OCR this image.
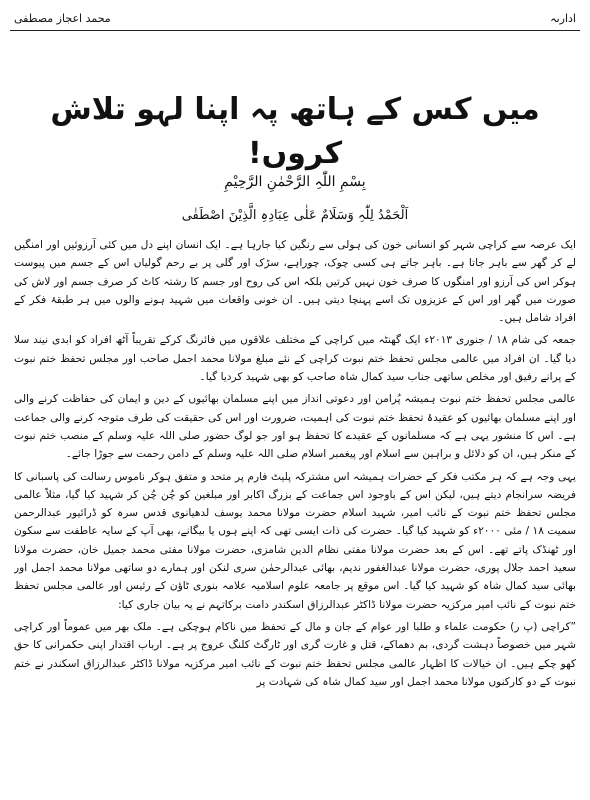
ادارىہ
محمد اعجاز مصطفی
میں کس کے ہاتھ پہ اپنا لہو تلاش کروں!
بِسْمِ اللّٰہِ الرَّحْمٰنِ الرَّحِیْمِ
اَلْحَمْدُ لِلّٰہِ وَسَلَامٌ عَلٰی عِبَادِہِ الَّذِیْنَ اصْطَفٰی

ایک عرصہ سے کراچی شہر کو انسانی خون کی ہولی سے رنگین کیا جارہا ہے۔ ایک انسان اپنے دل میں کئی آرزوئیں اور امنگیں لے کر گھر سے باہر جاتا ہے۔ باہر جاتے ہی کسی چوک، چوراہے، سڑک اور گلی پر بے رحم گولیاں اس کے جسم میں پیوست ہوکر اس کی آرزو اور امنگوں کا صرف خون نہیں کرتیں بلکہ اس کی روح اور جسم کا رشتہ کاٹ کر صرف جسم اور لاش کی صورت میں گھر اور اس کے عزیزوں تک اسے پہنچا دیتی ہیں۔ ان خونی واقعات میں شہید ہونے والوں میں ہر طبقۂ فکر کے افراد شامل ہیں۔

جمعہ کی شام ۱۸ / جنوری ۲۰۱۳ء ایک گھنٹہ میں کراچی کے مختلف علاقوں میں فائرنگ کرکے تقریباً آٹھ افراد کو ابدی نیند سلا دیا گیا۔ ان افراد میں عالمی مجلس تحفظ ختم نبوت کراچی کے نئے مبلغ مولانا محمد اجمل صاحب اور مجلس تحفظ ختم نبوت کے پرانے رفیق اور مخلص ساتھی جناب سید کمال شاہ صاحب کو بھی شہید کردیا گیا۔

عالمی مجلس تحفظ ختم نبوت ہمیشہ پُرامن اور دعوتی انداز میں اپنے مسلمان بھائیوں کے دین و ایمان کی حفاظت کرنے والی اور اپنے مسلمان بھائیوں کو عقیدۂ تحفظ ختم نبوت کی اہمیت، ضرورت اور اس کی حقیقت کی طرف متوجہ کرنے والی جماعت ہے۔ اس کا منشور یہی ہے کہ مسلمانوں کے عقیدے کا تحفظ ہو اور جو لوگ حضور صلی اللہ علیہ وسلم کے منصب ختم نبوت کے منکر ہیں، ان کو دلائل و براہین سے اسلام اور پیغمبر اسلام صلی اللہ علیہ وسلم کے دامن رحمت سے جوڑا جائے۔

یہی وجہ ہے کہ ہر مکتب فکر کے حضرات ہمیشہ اس مشترکہ پلیٹ فارم پر متحد و متفق ہوکر ناموس رسالت کی پاسبانی کا فریضہ سرانجام دیتے ہیں، لیکن اس کے باوجود اس جماعت کے بزرگ اکابر اور مبلغین کو چُن چُن کر شہید کیا گیا، مثلاً عالمی مجلس تحفظ ختم نبوت کے نائب امیر، شہید اسلام حضرت مولانا محمد یوسف لدھیانوی قدس سرہ کو ڈرائیور عبدالرحمن سمیت ۱۸ / مئی ۲۰۰۰ء کو شہید کیا گیا۔ حضرت کی ذات ایسی تھی کہ اپنے ہوں یا بیگانے، بھی آپ کے سایہ عاطفت سے سکون اور ٹھنڈک پاتے تھے۔ اس کے بعد حضرت مولانا مفتی نظام الدین شامزی، حضرت مولانا مفتی محمد جمیل خان، حضرت مولانا سعید احمد جلال پوری، حضرت مولانا عبدالغفور ندیم، بھائی عبدالرحمٰن سری لنکن اور ہمارے دو ساتھی مولانا محمد اجمل اور بھائی سید کمال شاہ کو شہید کیا گیا۔ اس موقع پر جامعہ علوم اسلامیہ علامہ بنوری ٹاؤن کے رئیس اور عالمی مجلس تحفظ ختم نبوت کے نائب امیر مرکزیہ حضرت مولانا ڈاکٹر عبدالرزاق اسکندر دامت برکاتہم نے یہ بیان جاری کیا:

”کراچی (پ ر) حکومت علماء و طلبا اور عوام کے جان و مال کے تحفظ میں ناکام ہوچکی ہے۔ ملک بھر میں عموماً اور کراچی شہر میں خصوصاً دہشت گردی، بم دھماکے، قتل و غارت گری اور ٹارگٹ کلنگ عروج پر ہے۔ ارباب اقتدار اپنی حکمرانی کا حق کھو چکے ہیں۔ ان خیالات کا اظہار عالمی مجلس تحفظ ختم نبوت کے نائب امیر مرکزیہ مولانا ڈاکٹر عبدالرزاق اسکندر نے ختم نبوت کے دو کارکنوں مولانا محمد اجمل اور سید کمال شاہ کی شہادت پر
